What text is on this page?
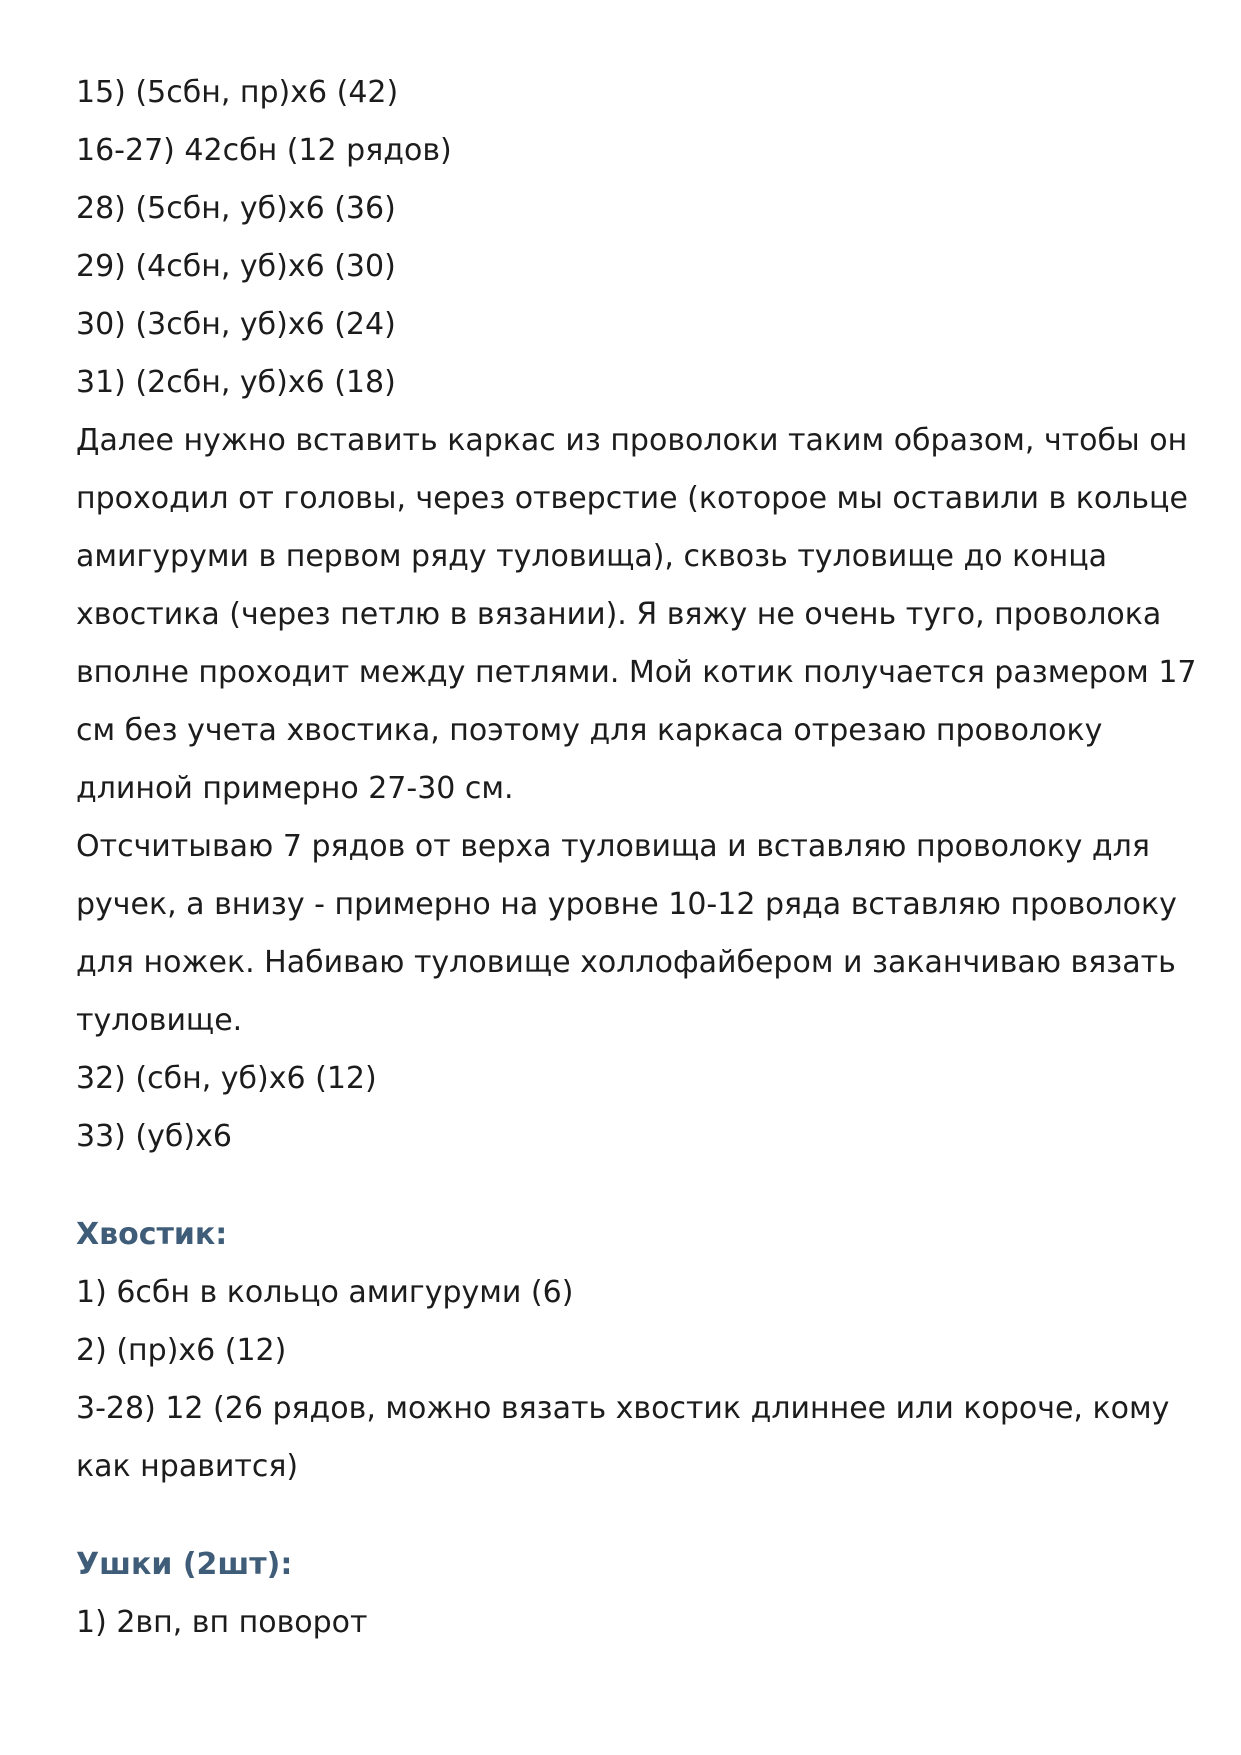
15) (5сбн, пр)х6 (42)

16-27) 42сбн (12 рядов)

28) (5сбн, уб)х6 (36)

29) (4сбн, уб)х6 (30)

30) (3сбн, уб)х6 (24)

31) (2сбн, уб)х6 (18)

Далее нужно вставить каркас из проволоки таким образом, чтобы он
проходил от головы, через отверстие (которое мы оставили в кольце
амигуруми в первом ряду туловища), сквозь туловище до конца
хвостика (через петлю в вязании). Я вяжу не очень туго, проволока
вполне проходит между петлями. Мой котик получается размером 17
см без учета хвостика, поэтому для каркаса отрезаю проволоку
длиной примерно 27-30 см.

Отсчитываю 7 рядов от верха туловища и вставляю проволоку для
ручек, а внизу - примерно на уровне 10-12 ряда вставляю проволоку
для ножек. Набиваю туловище холлофайбером и заканчиваю вязать
туловище.

32) (сбн, уб)х6 (12)

33) (уб)х6

Хвостик:

1) 6сбн в кольцо амигуруми (6)

2) (пр)х6 (12)

3-28) 12 (26 рядов, можно вязать хвостик длиннее или короче, кому
как нравится)

Ушки (2шт):

1) 2вп, вп поворот
